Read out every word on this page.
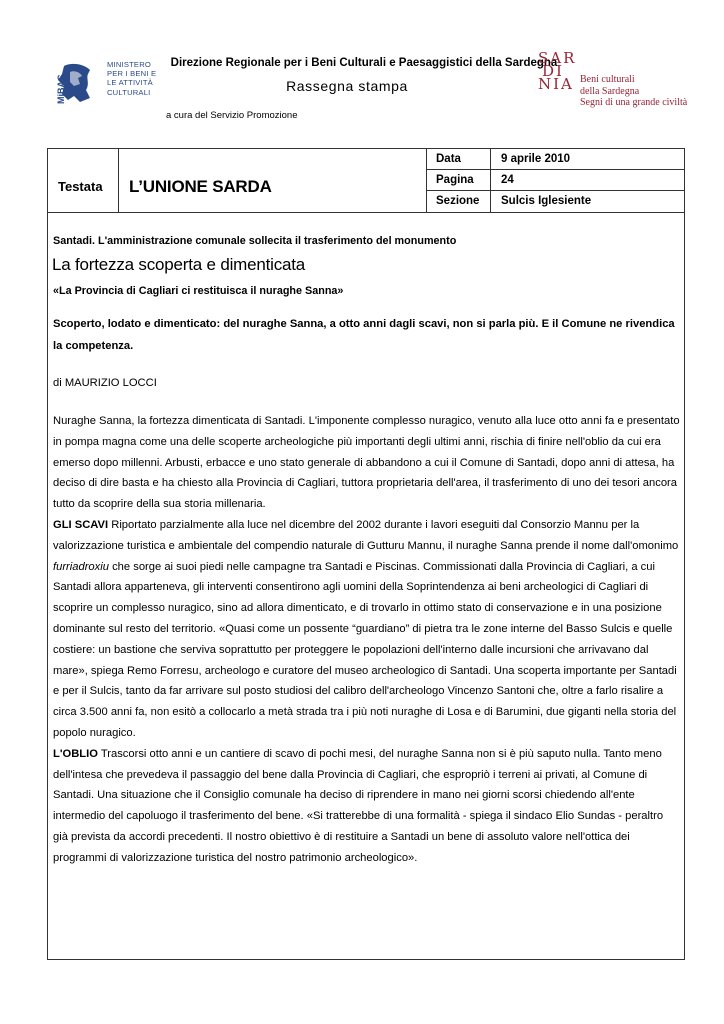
MiBAC
MINISTERO
PER I BENI E
LE ATTIVITÀ
CULTURALI
Direzione Regionale per i Beni Culturali e Paesaggistici della Sardegna
Rassegna stampa
a cura del Servizio Promozione
SAR
DI
NIA Beni culturali
della Sardegna
Segni di una grande civiltà
Testata	L’UNIONE SARDA
Data	9 aprile 2010
Pagina	24
Sezione	Sulcis Iglesiente
Santadi. L'amministrazione comunale sollecita il trasferimento del monumento
La fortezza scoperta e dimenticata
«La Provincia di Cagliari ci restituisca il nuraghe Sanna»
Scoperto, lodato e dimenticato: del nuraghe Sanna, a otto anni dagli scavi, non si parla più. E il Comune ne rivendica la competenza.
di MAURIZIO LOCCI

Nuraghe Sanna, la fortezza dimenticata di Santadi. L'imponente complesso nuragico, venuto alla luce otto anni fa e presentato in pompa magna come una delle scoperte archeologiche più importanti degli ultimi anni, rischia di finire nell'oblio da cui era emerso dopo millenni. Arbusti, erbacce e uno stato generale di abbandono a cui il Comune di Santadi, dopo anni di attesa, ha deciso di dire basta e ha chiesto alla Provincia di Cagliari, tuttora proprietaria dell'area, il trasferimento di uno dei tesori ancora tutto da scoprire della sua storia millenaria.

GLI SCAVI Riportato parzialmente alla luce nel dicembre del 2002 durante i lavori eseguiti dal Consorzio Mannu per la valorizzazione turistica e ambientale del compendio naturale di Gutturu Mannu, il nuraghe Sanna prende il nome dall'omonimo furriadroxiu che sorge ai suoi piedi nelle campagne tra Santadi e Piscinas. Commissionati dalla Provincia di Cagliari, a cui Santadi allora apparteneva, gli interventi consentirono agli uomini della Soprintendenza ai beni archeologici di Cagliari di scoprire un complesso nuragico, sino ad allora dimenticato, e di trovarlo in ottimo stato di conservazione e in una posizione dominante sul resto del territorio. «Quasi come un possente “guardiano” di pietra tra le zone interne del Basso Sulcis e quelle costiere: un bastione che serviva soprattutto per proteggere le popolazioni dell'interno dalle incursioni che arrivavano dal mare», spiega Remo Forresu, archeologo e curatore del museo archeologico di Santadi. Una scoperta importante per Santadi e per il Sulcis, tanto da far arrivare sul posto studiosi del calibro dell'archeologo Vincenzo Santoni che, oltre a farlo risalire a circa 3.500 anni fa, non esitò a collocarlo a metà strada tra i più noti nuraghe di Losa e di Barumini, due giganti nella storia del popolo nuragico.

L'OBLIO Trascorsi otto anni e un cantiere di scavo di pochi mesi, del nuraghe Sanna non si è più saputo nulla. Tanto meno dell'intesa che prevedeva il passaggio del bene dalla Provincia di Cagliari, che espropriò i terreni ai privati, al Comune di Santadi. Una situazione che il Consiglio comunale ha deciso di riprendere in mano nei giorni scorsi chiedendo all'ente intermedio del capoluogo il trasferimento del bene. «Si tratterebbe di una formalità - spiega il sindaco Elio Sundas - peraltro già prevista da accordi precedenti. Il nostro obiettivo è di restituire a Santadi un bene di assoluto valore nell'ottica dei programmi di valorizzazione turistica del nostro patrimonio archeologico».
